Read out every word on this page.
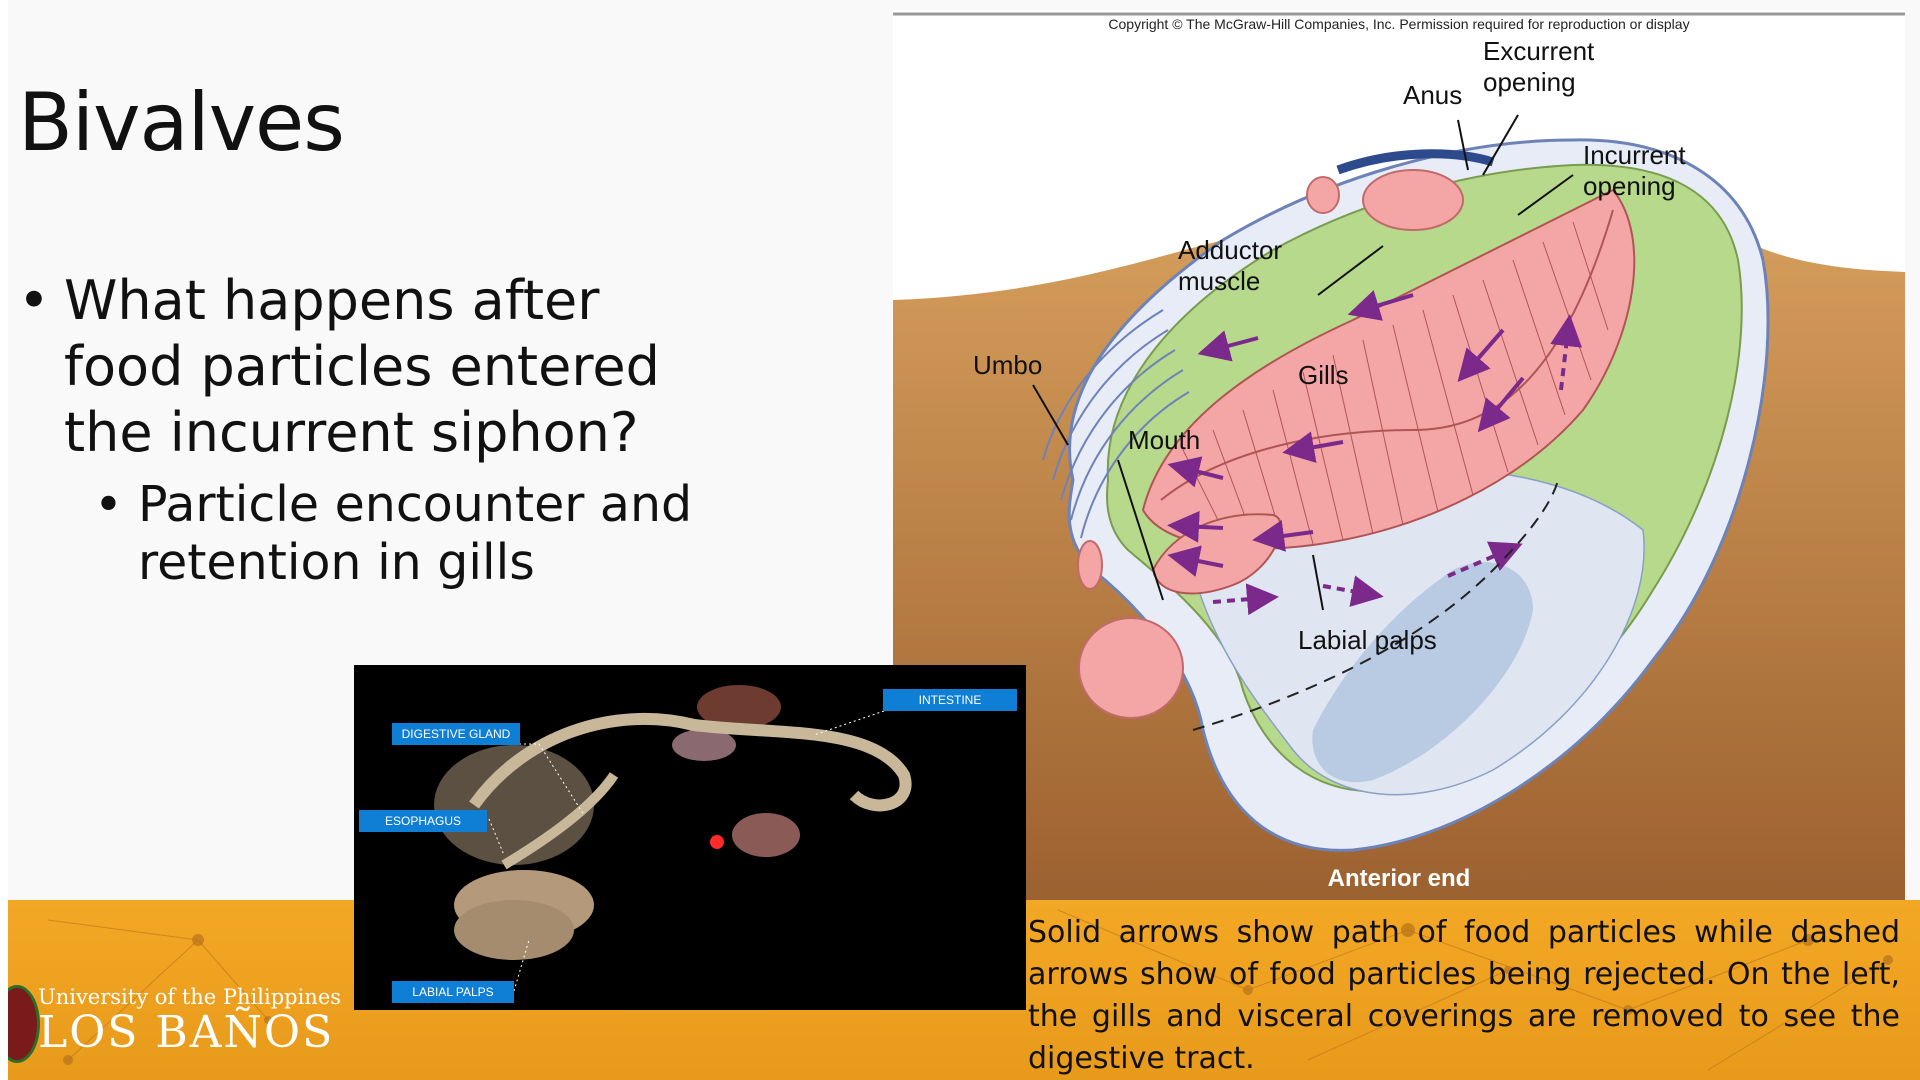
Bivalves
• What happens after food particles entered the incurrent siphon?
• Particle encounter and retention in gills
Copyright © The McGraw-Hill Companies, Inc. Permission required for reproduction or display
Excurrent
opening
Incurrent
opening
Anus
Adductor
muscle
Umbo	Gills
Mouth
Labial palps
Anterior end
University of the Philippines
LOS BAÑOS
INTESTINE
DIGESTIVE GLAND
ESOPHAGUS
LABIAL PALPS
Solid arrows show path of food particles while dashed arrows show of food particles being rejected. On the left, the gills and visceral coverings are removed to see the digestive tract.
